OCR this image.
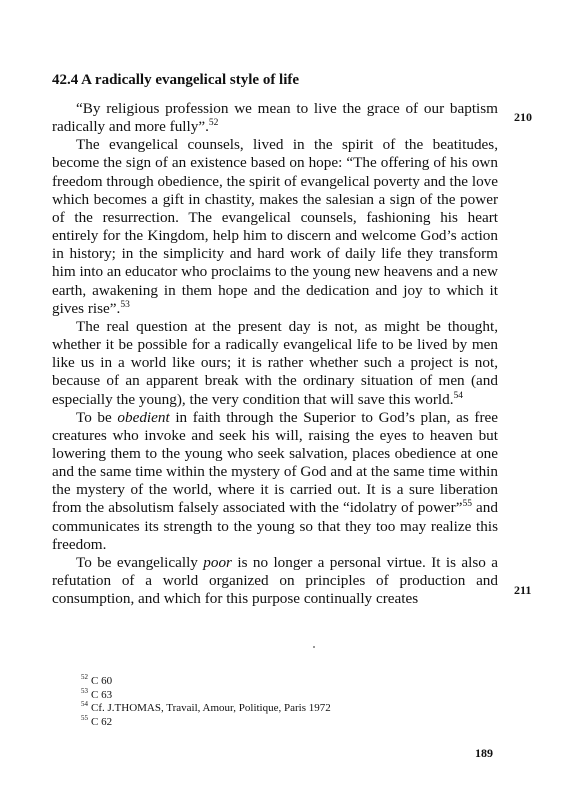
42.4 A radically evangelical style of life

“By religious profession we mean to live the grace of our baptism radically and more fully”.$^{52}$

The evangelical counsels, lived in the spirit of the beatitudes, become the sign of an existence based on hope: “The offering of his own freedom through obedience, the spirit of evangelical poverty and the love which becomes a gift in chastity, makes the salesian a sign of the power of the resurrection. The evangelical counsels, fashioning his heart entirely for the Kingdom, help him to discern and welcome God’s action in history; in the simplicity and hard work of daily life they transform him into an educator who proclaims to the young new heavens and a new earth, awakening in them hope and the dedication and joy to which it gives rise”.$^{53}$

The real question at the present day is not, as might be thought, whether it be possible for a radically evangelical life to be lived by men like us in a world like ours; it is rather whether such a project is not, because of an apparent break with the ordinary situation of men (and especially the young), the very condition that will save this world.$^{54}$

To be obedient in faith through the Superior to God’s plan, as free creatures who invoke and seek his will, raising the eyes to heaven but lowering them to the young who seek salvation, places obedience at one and the same time within the mystery of God and at the same time within the mystery of the world, where it is carried out. It is a sure liberation from the absolutism falsely associated with the “idolatry of power”$^{55}$ and communicates its strength to the young so that they too may realize this freedom.

To be evangelically poor is no longer a personal virtue. It is also a refutation of a world organized on principles of production and consumption, and which for this purpose continually creates

210
211
$^{52}$ C 60
$^{53}$ C 63
$^{54}$ Cf. J.THOMAS, Travail, Amour, Politique, Paris 1972
$^{55}$ C 62
189
